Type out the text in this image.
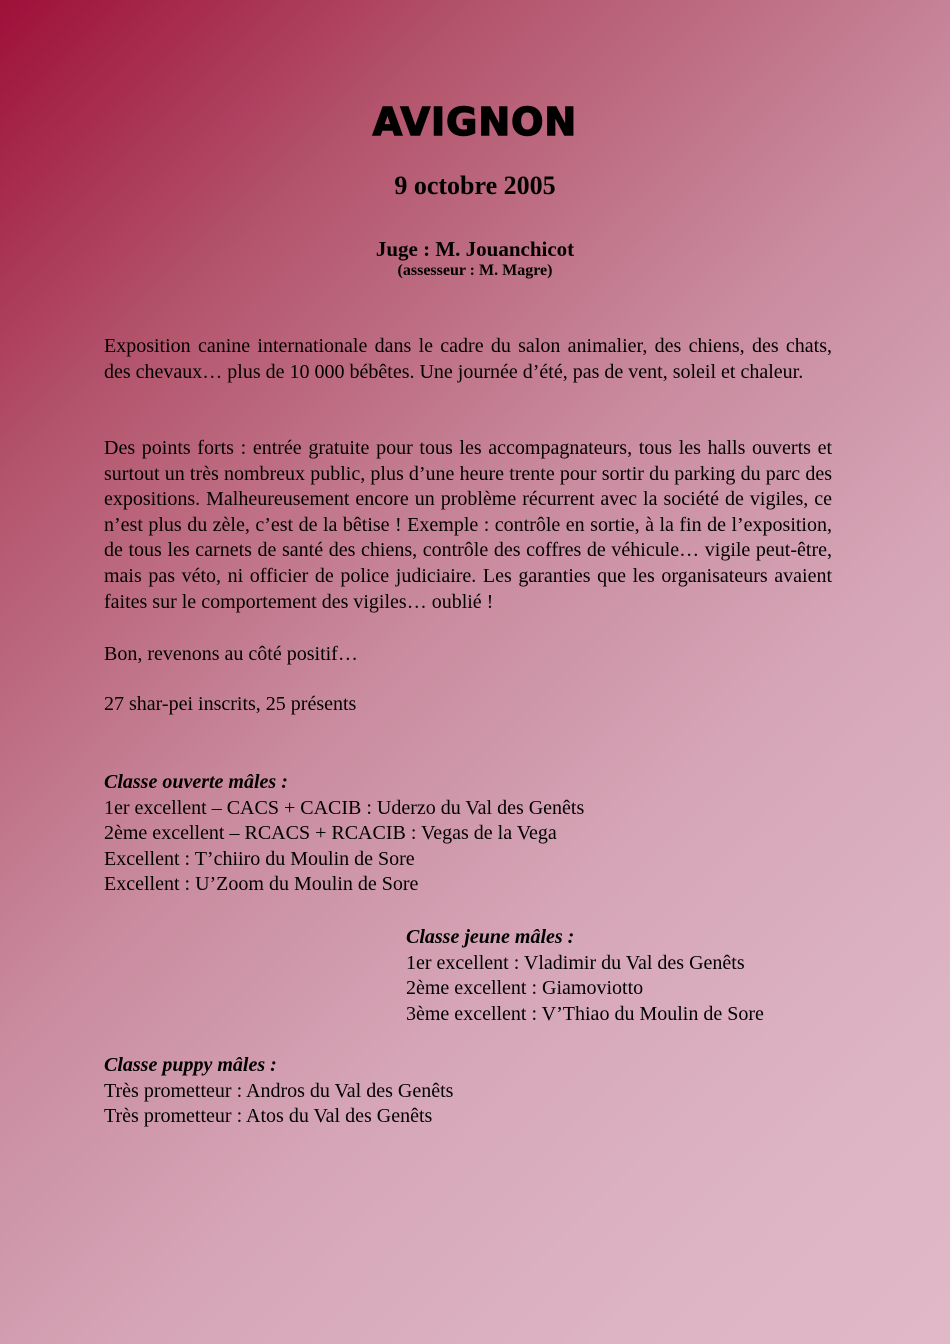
AVIGNON
9 octobre 2005
Juge : M. Jouanchicot
(assesseur : M. Magre)
Exposition canine internationale dans le cadre du salon animalier, des chiens, des chats, des chevaux… plus de 10 000 bébêtes. Une journée d’été, pas de vent, soleil et chaleur.
Des points forts : entrée gratuite pour tous les accompagnateurs, tous les halls ouverts et surtout un très nombreux public, plus d’une heure trente pour sortir du parking du parc des expositions. Malheureusement encore un problème récurrent avec la société de vigiles, ce n’est plus du zèle, c’est de la bêtise ! Exemple : contrôle en sortie, à la fin de l’exposition, de tous les carnets de santé des chiens, contrôle des coffres de véhicule… vigile peut-être, mais pas véto, ni officier de police judiciaire. Les garanties que les organisateurs avaient faites sur le comportement des vigiles… oublié !
Bon, revenons au côté positif…
27 shar-pei inscrits, 25 présents
Classe ouverte mâles :
1er excellent – CACS + CACIB : Uderzo du Val des Genêts
2ème excellent – RCACS + RCACIB : Vegas de la Vega
Excellent : T’chiiro du Moulin de Sore
Excellent : U’Zoom du Moulin de Sore
Classe jeune mâles :
1er excellent : Vladimir du Val des Genêts
2ème excellent : Giamoviotto
3ème excellent : V’Thiao du Moulin de Sore
Classe puppy mâles :
Très prometteur : Andros du Val des Genêts
Très prometteur : Atos du Val des Genêts
